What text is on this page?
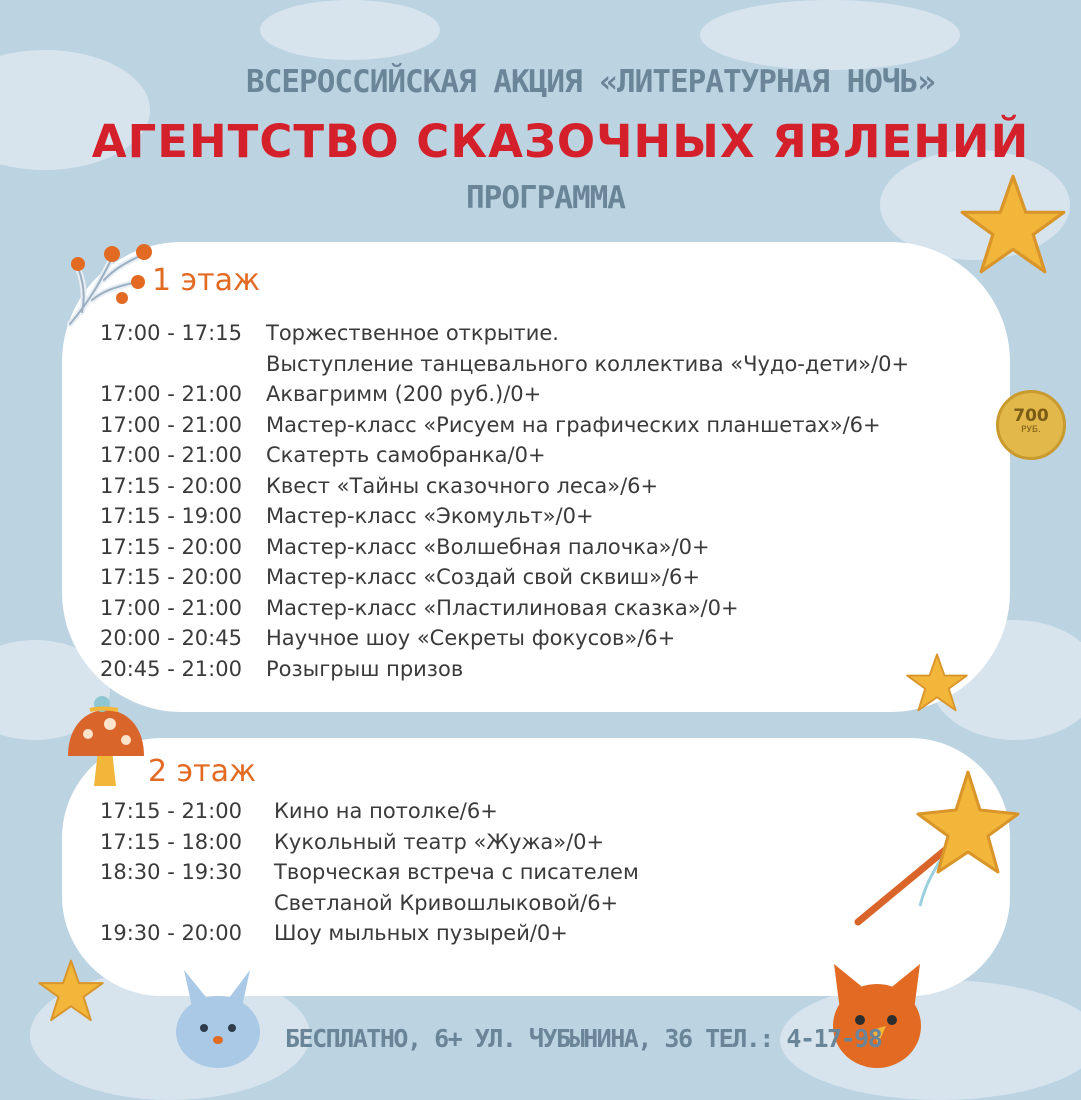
ВСЕРОССИЙСКАЯ АКЦИЯ «ЛИТЕРАТУРНАЯ НОЧЬ»
АГЕНТСТВО СКАЗОЧНЫХ ЯВЛЕНИЙ
ПРОГРАММА
700
РУБ.
1 этаж
17:00 - 17:15	Торжественное открытие.
Выступление танцевального коллектива «Чудо-дети»/0+
17:00 - 21:00	Аквагримм (200 руб.)/0+
17:00 - 21:00	Мастер-класс «Рисуем на графических планшетах»/6+
17:00 - 21:00	Скатерть самобранка/0+
17:15 - 20:00	Квест «Тайны сказочного леса»/6+
17:15 - 19:00	Мастер-класс «Экомульт»/0+
17:15 - 20:00	Мастер-класс «Волшебная палочка»/0+
17:15 - 20:00	Мастер-класс «Создай свой сквиш»/6+
17:00 - 21:00	Мастер-класс «Пластилиновая сказка»/0+
20:00 - 20:45	Научное шоу «Секреты фокусов»/6+
20:45 - 21:00	Розыгрыш призов
2 этаж
17:15 - 21:00	Кино на потолке/6+
17:15 - 18:00	Кукольный театр «Жужа»/0+
18:30 - 19:30	Творческая встреча с писателем
Светланой Кривошлыковой/6+
19:30 - 20:00	Шоу мыльных пузырей/0+
БЕСПЛАТНО, 6+ УЛ. ЧУБЫНИНА, 36 ТЕЛ.: 4-17-98
